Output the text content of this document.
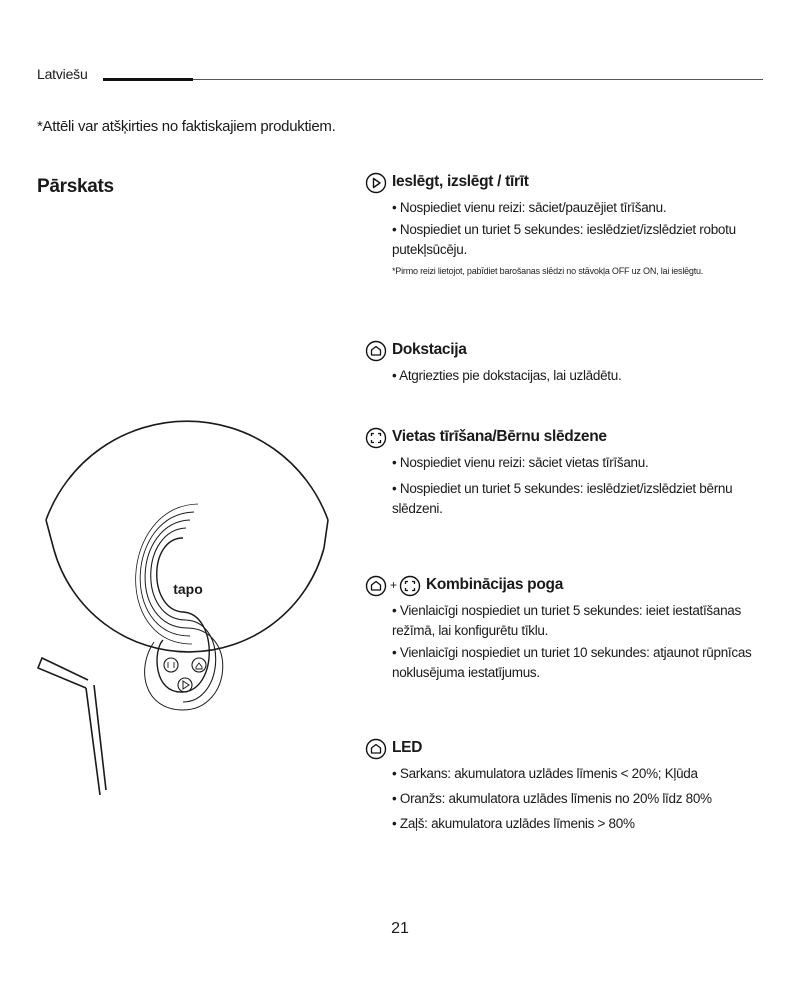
Latviešu
*Attēli var atšķirties no faktiskajiem produktiem.
Pārskats
tapo
Ieslēgt, izslēgt / tīrīt
• Nospiediet vienu reizi: sāciet/pauzējiet tīrīšanu.
• Nospiediet un turiet 5 sekundes: ieslēdziet/izslēdziet robotu putekļsūcēju.
*Pirmo reizi lietojot, pabīdiet barošanas slēdzi no stāvokļa OFF uz ON, lai ieslēgtu.
Dokstacija
• Atgriezties pie dokstacijas, lai uzlādētu.
Vietas tīrīšana/Bērnu slēdzene
• Nospiediet vienu reizi: sāciet vietas tīrīšanu.
• Nospiediet un turiet 5 sekundes: ieslēdziet/izslēdziet bērnu slēdzeni.
+ Kombinācijas poga
• Vienlaicīgi nospiediet un turiet 5 sekundes: ieiet iestatīšanas režīmā, lai konfigurētu tīklu.
• Vienlaicīgi nospiediet un turiet 10 sekundes: atjaunot rūpnīcas noklusējuma iestatījumus.
LED
• Sarkans: akumulatora uzlādes līmenis < 20%; Kļūda
• Oranžs: akumulatora uzlādes līmenis no 20% līdz 80%
• Zaļš: akumulatora uzlādes līmenis > 80%
21
